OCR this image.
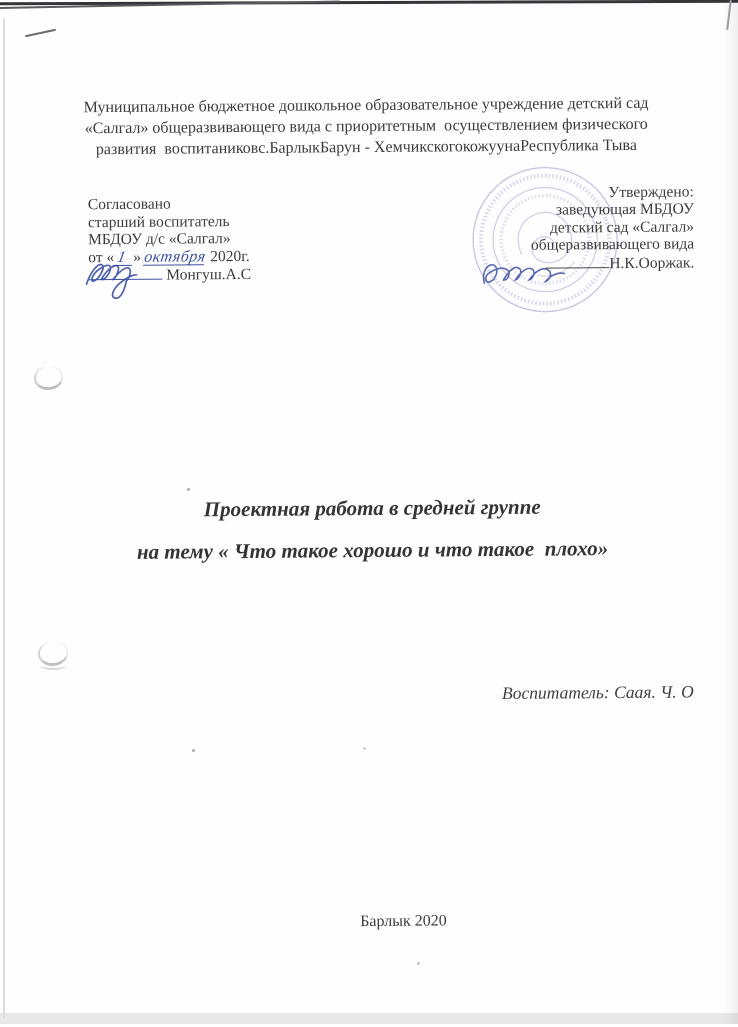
Муниципальное бюджетное дошкольное образовательное учреждение детский сад
«Салгал» общеразвивающего вида с приоритетным  осуществлением физического
развития  воспитаниковс.БарлыкБарун - ХемчикскогокожуунаРеспублика Тыва
Согласовано
старший воспитатель
МБДОУ д/с «Салгал»
от «1 » октября 2020г.
Монгуш.А.С
Утверждено:
заведующая МБДОУ
детский сад «Салгал»
общеразвивающего вида
Н.К.Ооржак.
Проектная работа в средней группе
на тему « Что такое хорошо и что такое  плохо»
Воспитатель: Саая. Ч. О
Барлык 2020
